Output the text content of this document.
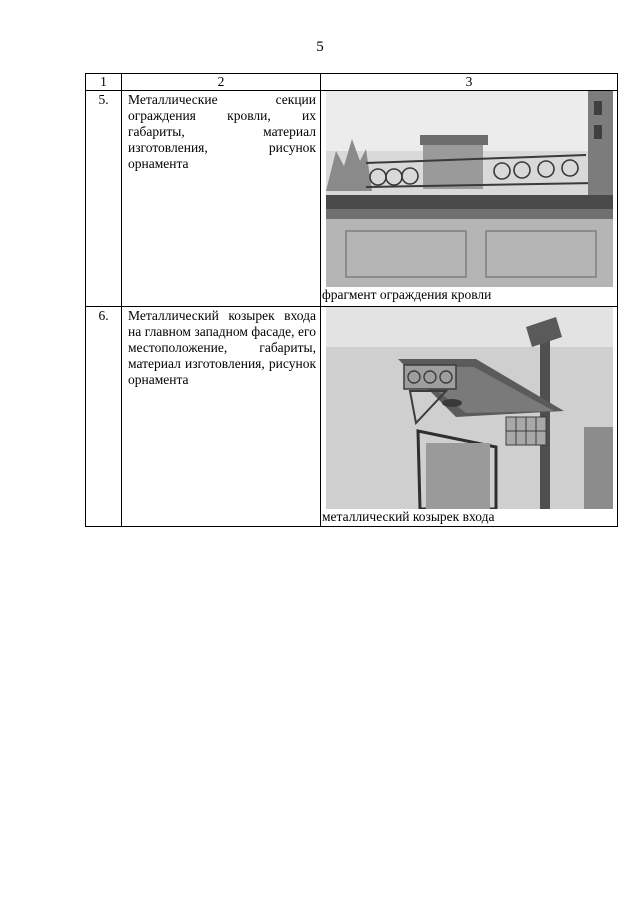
5
1	2	3
5.	Металлические секции ограждения кровли, их габариты, материал изготовления, рисунок орнамента	фрагмент ограждения кровли

6.	Металлический козырек входа на главном западном фасаде, его местоположение, габариты, материал изготовления, рисунок орнамента	металлический козырек входа
